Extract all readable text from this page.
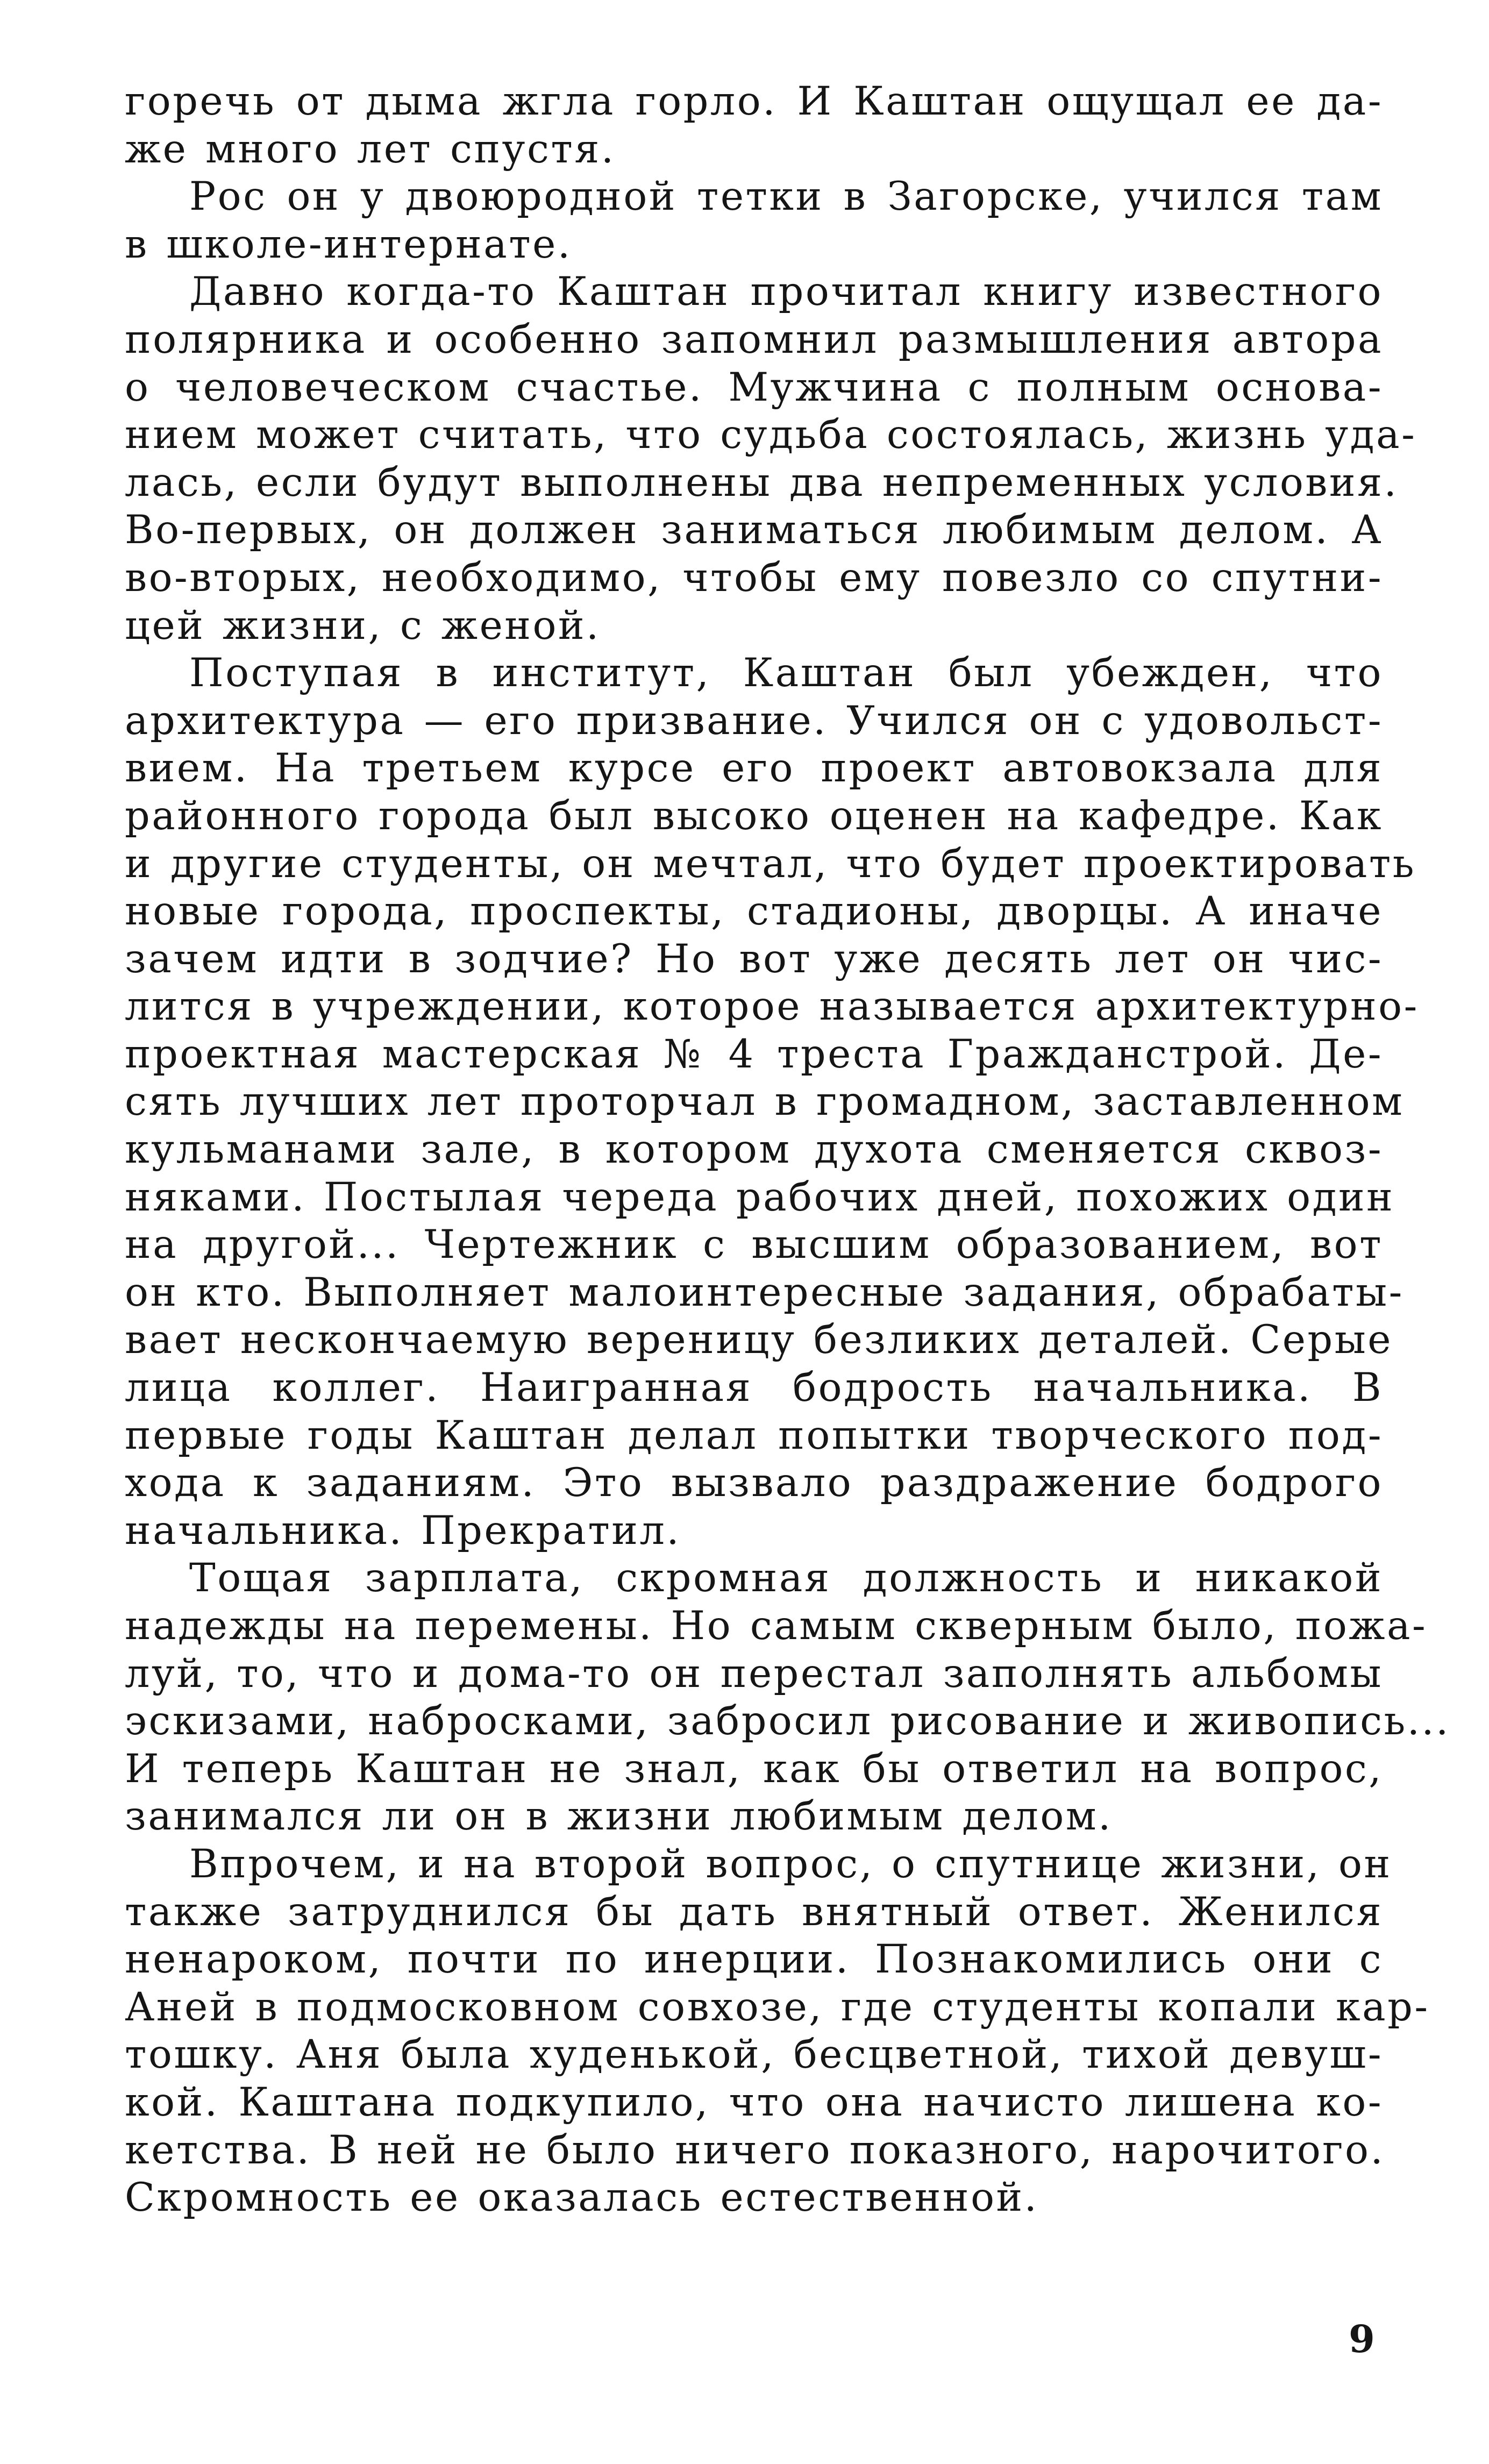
горечь от дыма жгла горло. И Каштан ощущал ее да-
же много лет спустя.
Рос он у двоюродной тетки в Загорске, учился там
в школе-интернате.
Давно когда-то Каштан прочитал книгу известного
полярника и особенно запомнил размышления автора
о человеческом счастье. Мужчина с полным основа-
нием может считать, что судьба состоялась, жизнь уда-
лась, если будут выполнены два непременных условия.
Во-первых, он должен заниматься любимым делом. А
во-вторых, необходимо, чтобы ему повезло со спутни-
цей жизни, с женой.
Поступая в институт, Каштан был убежден, что
архитектура — его призвание. Учился он с удовольст-
вием. На третьем курсе его проект автовокзала для
районного города был высоко оценен на кафедре. Как
и другие студенты, он мечтал, что будет проектировать
новые города, проспекты, стадионы, дворцы. А иначе
зачем идти в зодчие? Но вот уже десять лет он чис-
лится в учреждении, которое называется архитектурно-
проектная мастерская № 4 треста Гражданстрой. Де-
сять лучших лет проторчал в громадном, заставленном
кульманами зале, в котором духота сменяется сквоз-
няками. Постылая череда рабочих дней, похожих один
на другой... Чертежник с высшим образованием, вот
он кто. Выполняет малоинтересные задания, обрабаты-
вает нескончаемую вереницу безликих деталей. Серые
лица коллег. Наигранная бодрость начальника. В
первые годы Каштан делал попытки творческого под-
хода к заданиям. Это вызвало раздражение бодрого
начальника. Прекратил.
Тощая зарплата, скромная должность и никакой
надежды на перемены. Но самым скверным было, пожа-
луй, то, что и дома-то он перестал заполнять альбомы
эскизами, набросками, забросил рисование и живопись...
И теперь Каштан не знал, как бы ответил на вопрос,
занимался ли он в жизни любимым делом.
Впрочем, и на второй вопрос, о спутнице жизни, он
также затруднился бы дать внятный ответ. Женился
ненароком, почти по инерции. Познакомились они с
Аней в подмосковном совхозе, где студенты копали кар-
тошку. Аня была худенькой, бесцветной, тихой девуш-
кой. Каштана подкупило, что она начисто лишена ко-
кетства. В ней не было ничего показного, нарочитого.
Скромность ее оказалась естественной.
9
